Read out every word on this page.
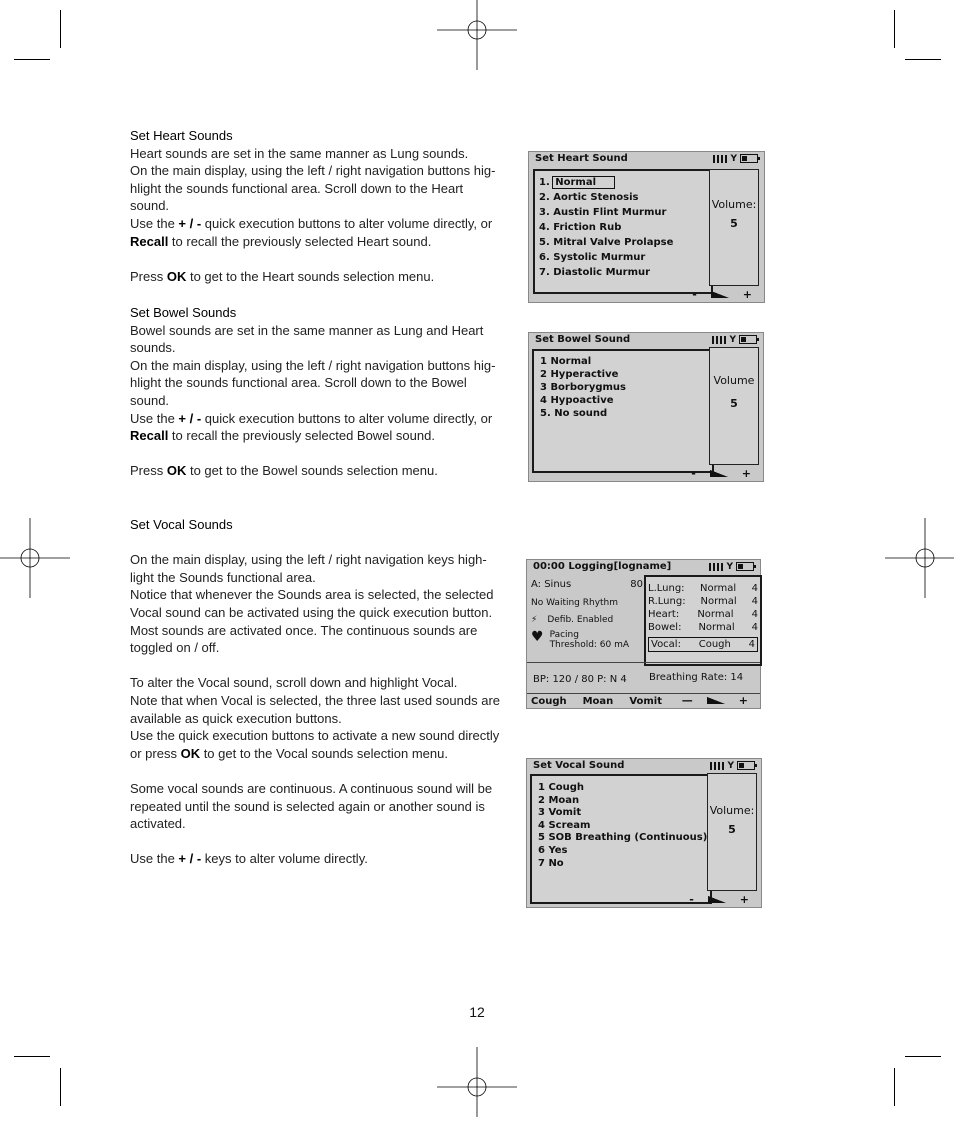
Set Heart Sounds

Heart sounds are set in the same manner as Lung sounds.

On the main display, using the left / right navigation buttons hig-hlight the sounds functional area. Scroll down to the Heart sound.

Use the + / - quick execution buttons to alter volume directly, or Recall to recall the previously selected Heart sound.

Press OK to get to the Heart sounds selection menu.

Set Bowel Sounds

Bowel sounds are set in the same manner as Lung and Heart sounds.

On the main display, using the left / right navigation buttons hig-hlight the sounds functional area. Scroll down to the Bowel sound.

Use the + / - quick execution buttons to alter volume directly, or Recall to recall the previously selected Bowel sound.

Press OK to get to the Bowel sounds selection menu.

Set Vocal Sounds

On the main display, using the left / right navigation keys high-light the Sounds functional area.

Notice that whenever the Sounds area is selected, the selected Vocal sound can be activated using the quick execution button. Most sounds are activated once. The continuous sounds are toggled on / off.

To alter the Vocal sound, scroll down and highlight Vocal.

Note that when Vocal is selected, the three last used sounds are available as quick execution buttons.

Use the quick execution buttons to activate a new sound directly or press OK to get to the Vocal sounds selection menu.

Some vocal sounds are continuous. A continuous sound will be repeated until the sound is selected again or another sound is activated.

Use the + / - keys to alter volume directly.

Set Heart Sound	Y
1. Normal
2. Aortic Stenosis
3. Austin Flint Murmur
4. Friction Rub
5. Mitral Valve Prolapse
6. Systolic Murmur
7. Diastolic Murmur
Volume:
5
-	+
Set Bowel Sound	Y
1 Normal
2 Hyperactive
3 Borborygmus
4 Hypoactive
5. No sound
Volume
5
-	+
00:00 Logging[logname]	Y
A: Sinus	80
No Waiting Rhythm
⚡ Defib. Enabled
♥ Pacing
Threshold: 60 mA
L.Lung: Normal 4
R.Lung: Normal 4
Heart: Normal 4
Bowel: Normal 4
Vocal: Cough 4
BP: 120 / 80 P: N 4 Breathing Rate: 14
Cough Moan Vomit —	+
Set Vocal Sound	Y
1 Cough
2 Moan
3 Vomit
4 Scream
5 SOB Breathing (Continuous)
6 Yes
7 No
Volume:
5
-	+
12
